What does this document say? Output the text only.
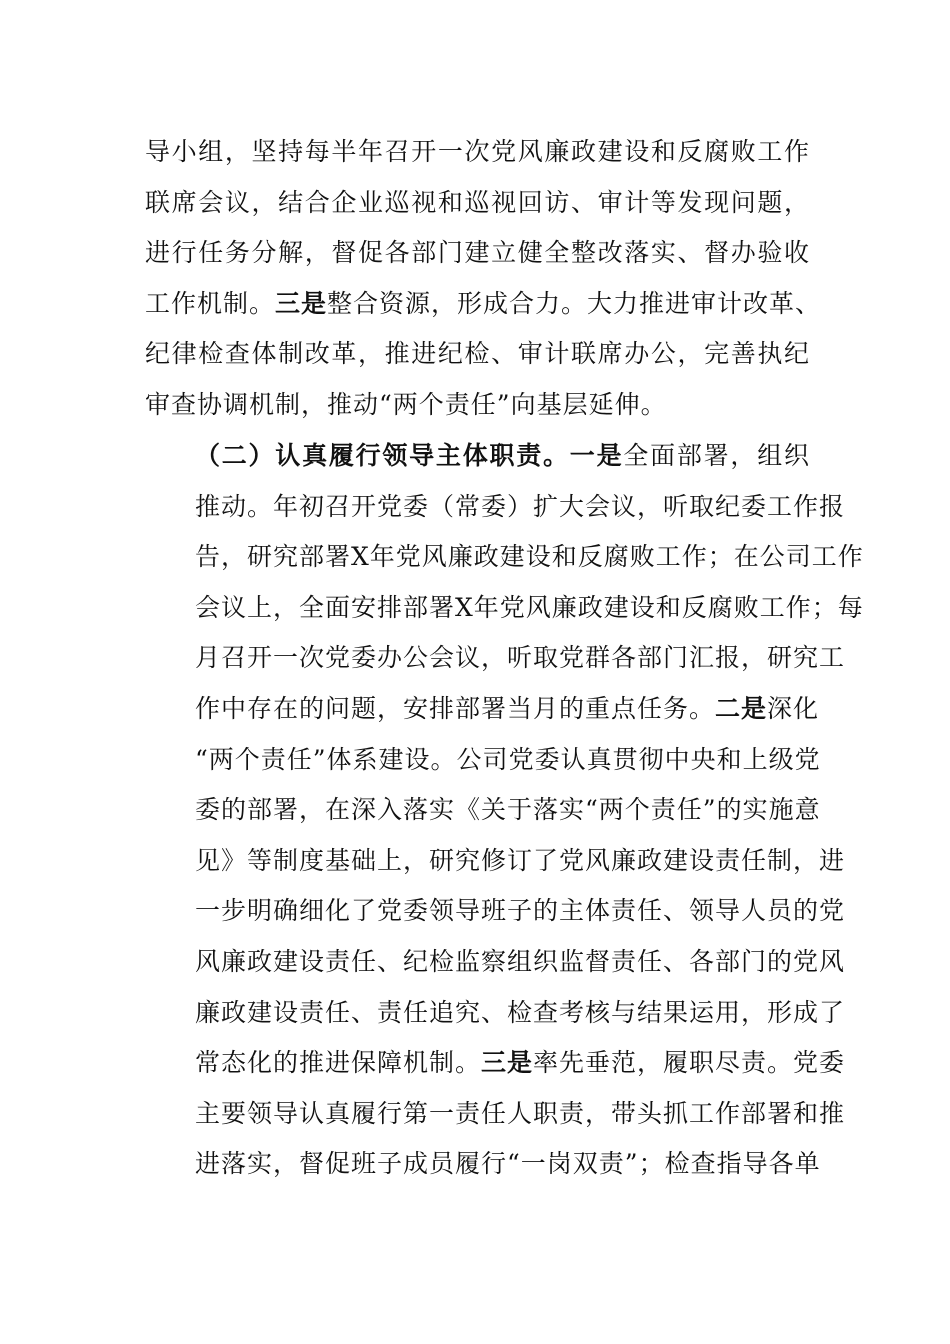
导小组，坚持每半年召开一次党风廉政建设和反腐败工作
联席会议，结合企业巡视和巡视回访、审计等发现问题，
进行任务分解，督促各部门建立健全整改落实、督办验收
工作机制。三是整合资源，形成合力。大力推进审计改革、
纪律检查体制改革，推进纪检、审计联席办公，完善执纪
审查协调机制，推动“两个责任”向基层延伸。
（二）认真履行领导主体职责。一是全面部署，组织
推动。年初召开党委（常委）扩大会议，听取纪委工作报
告，研究部署X年党风廉政建设和反腐败工作；在公司工作
会议上，全面安排部署X年党风廉政建设和反腐败工作；每
月召开一次党委办公会议，听取党群各部门汇报，研究工
作中存在的问题，安排部署当月的重点任务。二是深化
“两个责任”体系建设。公司党委认真贯彻中央和上级党
委的部署，在深入落实《关于落实“两个责任”的实施意
见》等制度基础上，研究修订了党风廉政建设责任制，进
一步明确细化了党委领导班子的主体责任、领导人员的党
风廉政建设责任、纪检监察组织监督责任、各部门的党风
廉政建设责任、责任追究、检查考核与结果运用，形成了
常态化的推进保障机制。三是率先垂范，履职尽责。党委
主要领导认真履行第一责任人职责，带头抓工作部署和推
进落实，督促班子成员履行“一岗双责”；检查指导各单
